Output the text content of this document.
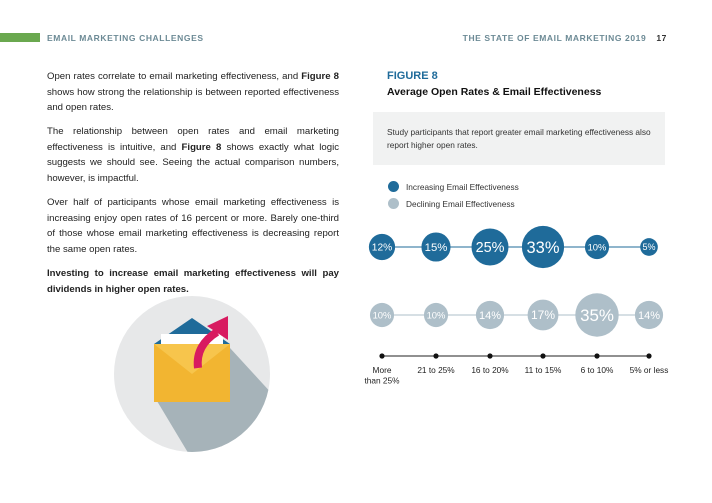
EMAIL MARKETING CHALLENGES	THE STATE OF EMAIL MARKETING 2019 17

Open rates correlate to email marketing effectiveness, and Figure 8 shows how strong the relationship is between reported effectiveness and open rates.

The relationship between open rates and email marketing effectiveness is intuitive, and Figure 8 shows exactly what logic suggests we should see. Seeing the actual comparison numbers, however, is impactful.

Over half of participants whose email marketing effectiveness is increasing enjoy open rates of 16 percent or more. Barely one-third of those whose email marketing effectiveness is decreasing report the same open rates.

Investing to increase email marketing effectiveness will pay dividends in higher open rates.

FIGURE 8
Average Open Rates & Email Effectiveness
Study participants that report greater email marketing effectiveness also report higher open rates.
Increasing Email Effectiveness
Declining Email Effectiveness
12%	15% 25% 33%	10%	5%
10%	10%	14% 17% 35% 14%
More than 25%
21 to 25% 16 to 20% 11 to 15% 6 to 10% 5% or less
